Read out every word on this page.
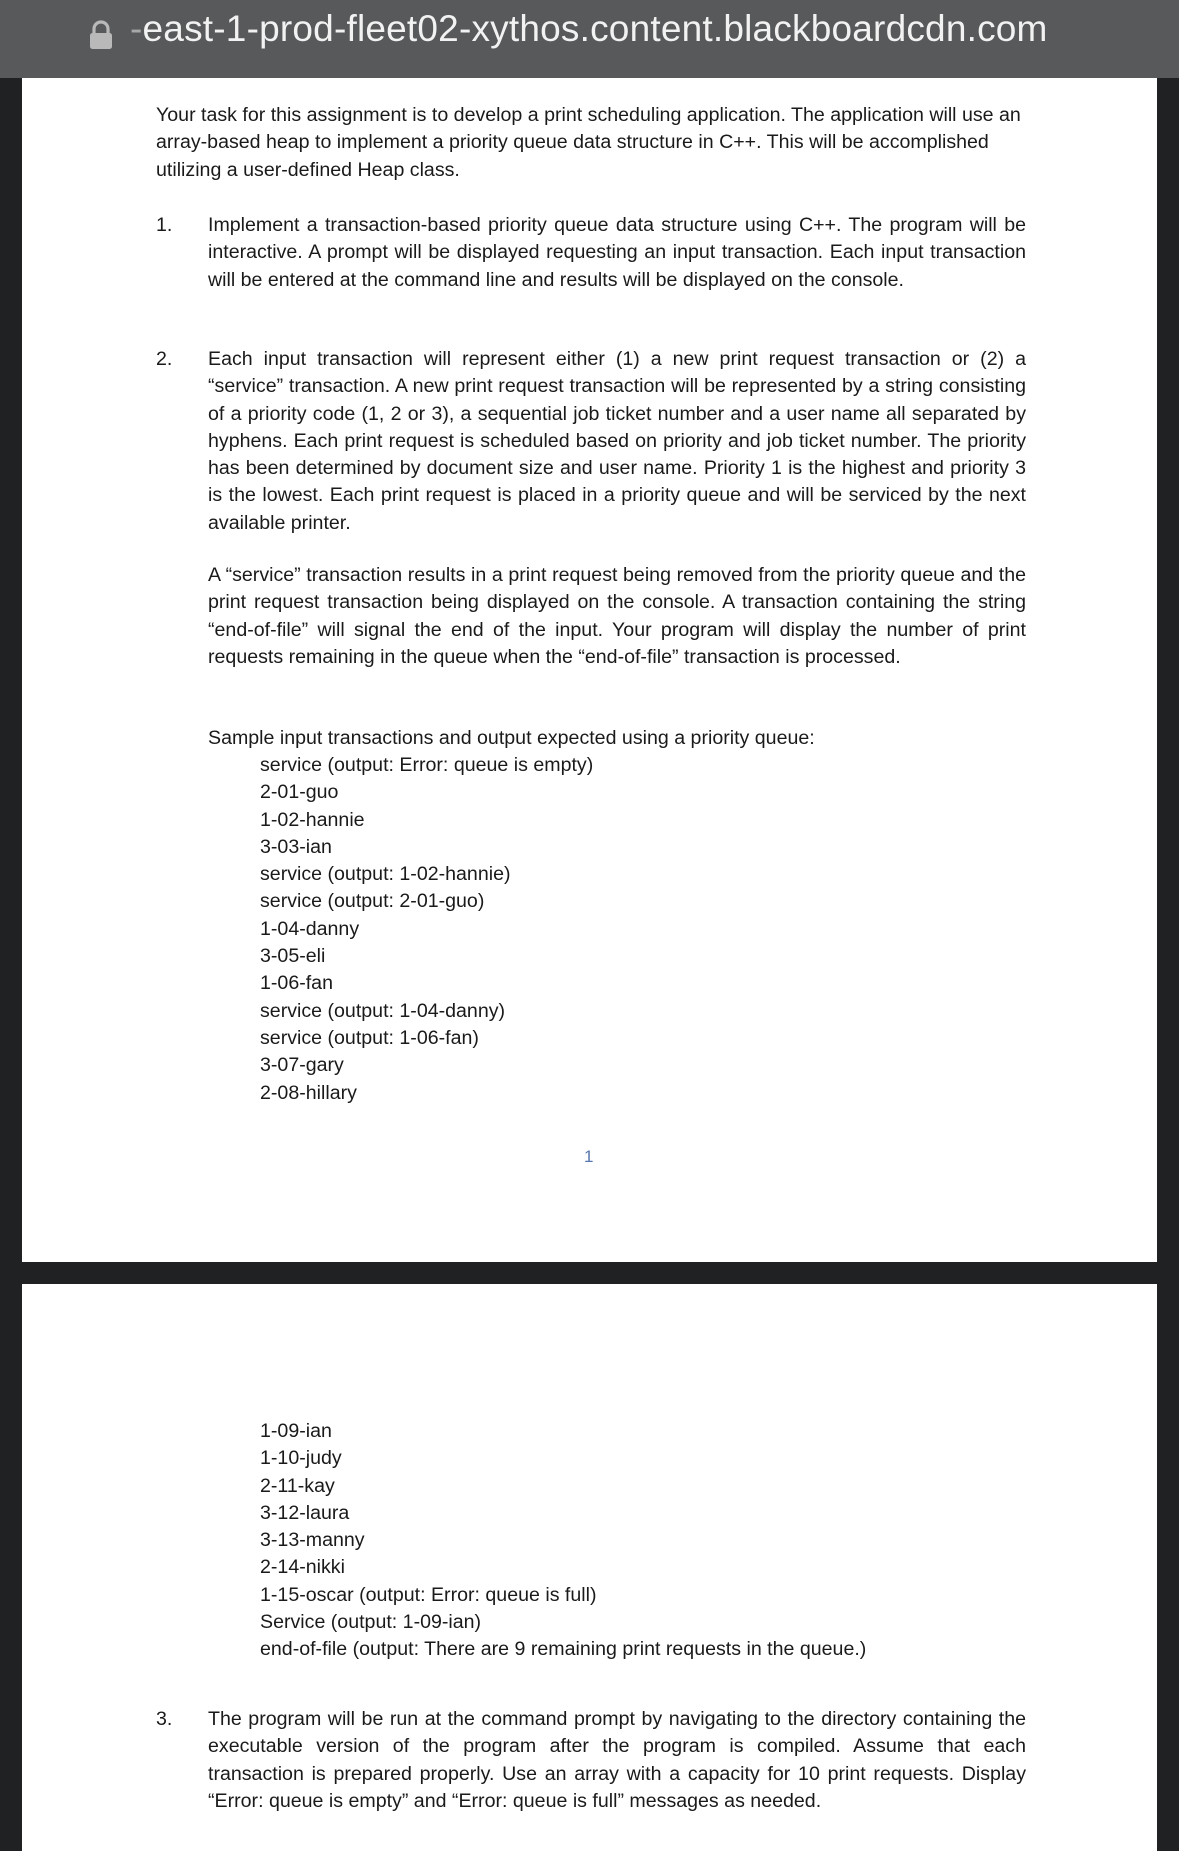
-east-1-prod-fleet02-xythos.content.blackboardcdn.com
Your task for this assignment is to develop a print scheduling application. The application will use an array-based heap to implement a priority queue data structure in C++. This will be accomplished utilizing a user-defined Heap class.
1. Implement a transaction-based priority queue data structure using C++. The program will be interactive. A prompt will be displayed requesting an input transaction. Each input transaction will be entered at the command line and results will be displayed on the console.
2. Each input transaction will represent either (1) a new print request transaction or (2) a “service” transaction. A new print request transaction will be represented by a string consisting of a priority code (1, 2 or 3), a sequential job ticket number and a user name all separated by hyphens. Each print request is scheduled based on priority and job ticket number. The priority has been determined by document size and user name. Priority 1 is the highest and priority 3 is the lowest. Each print request is placed in a priority queue and will be serviced by the next available printer.
A “service” transaction results in a print request being removed from the priority queue and the print request transaction being displayed on the console. A transaction containing the string “end-of-file” will signal the end of the input. Your program will display the number of print requests remaining in the queue when the “end-of-file” transaction is processed.
Sample input transactions and output expected using a priority queue:
service (output: Error: queue is empty)
2-01-guo
1-02-hannie
3-03-ian
service (output: 1-02-hannie)
service (output: 2-01-guo)
1-04-danny
3-05-eli
1-06-fan
service (output: 1-04-danny)
service (output: 1-06-fan)
3-07-gary
2-08-hillary
1
1-09-ian
1-10-judy
2-11-kay
3-12-laura
3-13-manny
2-14-nikki
1-15-oscar (output: Error: queue is full)
Service (output: 1-09-ian)
end-of-file (output: There are 9 remaining print requests in the queue.)
3. The program will be run at the command prompt by navigating to the directory containing the executable version of the program after the program is compiled. Assume that each transaction is prepared properly. Use an array with a capacity for 10 print requests. Display “Error: queue is empty” and “Error: queue is full” messages as needed.
